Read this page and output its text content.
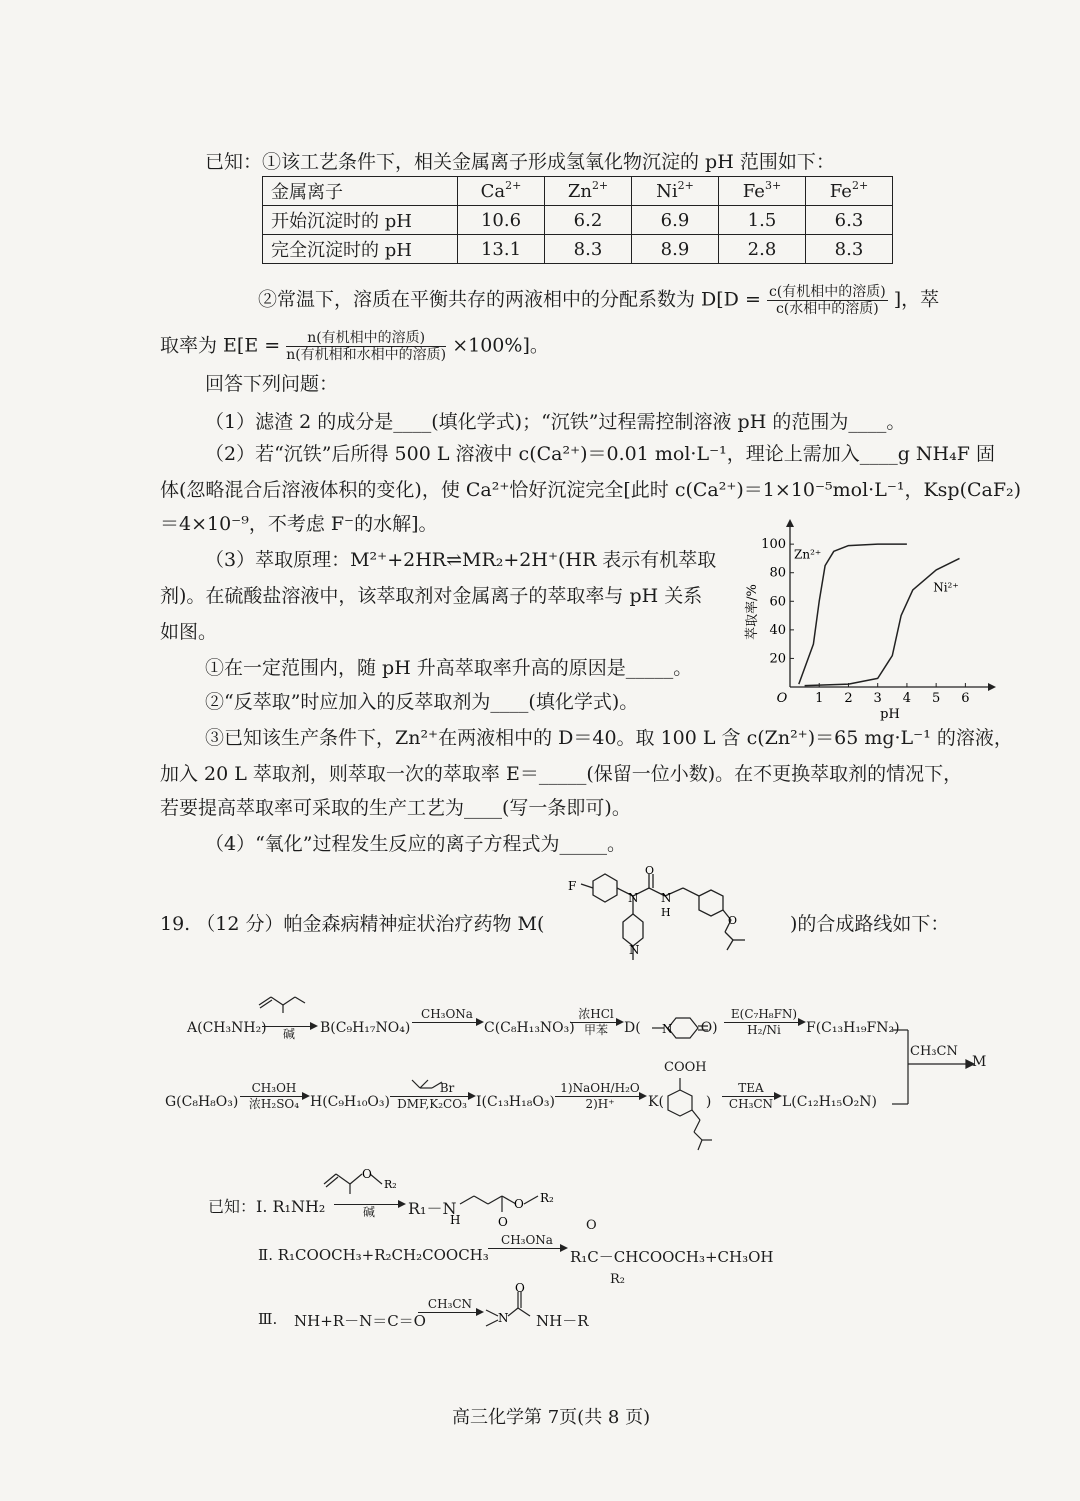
已知：①该工艺条件下，相关金属离子形成氢氧化物沉淀的 pH 范围如下：
金属离子	$Ca^{2+}$	$Zn^{2+}$	$Ni^{2+}$	$Fe^{3+}$	$Fe^{2+}$
开始沉淀时的 pH	10.6	6.2	6.9	1.5	6.3
完全沉淀时的 pH	13.1	8.3	8.9	2.8	8.3
②常温下，溶质在平衡共存的两液相中的分配系数为 $D[D = \frac{\text{c(有机相中的溶质)}}{\text{c(水相中的溶质)}}$ ]，萃
取率为 $E[E = \frac{\text{n(有机相中的溶质)}}{\text{n(有机相和水相中的溶质)}} \times 100\%]$。
回答下列问题：
（1）滤渣 2 的成分是____(填化学式)；“沉铁”过程需控制溶液 pH 的范围为____。
（2）若“沉铁”后所得 500 L 溶液中 c(Ca²⁺)＝0.01 mol·L⁻¹，理论上需加入____g NH₄F 固
体(忽略混合后溶液体积的变化)，使 Ca²⁺恰好沉淀完全[此时 c(Ca²⁺)＝1×10⁻⁵mol·L⁻¹，Ksp(CaF₂)
＝4×10⁻⁹，不考虑 F⁻的水解]。
（3）萃取原理：M²⁺+2HR⇌MR₂+2H⁺(HR 表示有机萃取
剂)。在硫酸盐溶液中，该萃取剂对金属离子的萃取率与 pH 关系
如图。
①在一定范围内，随 pH 升高萃取率升高的原因是_____。
②“反萃取”时应加入的反萃取剂为____(填化学式)。
③已知该生产条件下，Zn²⁺在两液相中的 D＝40。取 100 L 含 c(Zn²⁺)＝65 mg·L⁻¹ 的溶液，
加入 20 L 萃取剂，则萃取一次的萃取率 E＝_____(保留一位小数)。在不更换萃取剂的情况下，
若要提高萃取率可采取的生产工艺为____(写一条即可)。
（4）“氧化”过程发生反应的离子方程式为_____。
O 1 2 3 4 5 6
20
40
60
80
100
pH
萃取率/%
Zn²⁺
Ni²⁺
19. （12 分）帕金森病精神症状治疗药物 M(
F
N
O
N
H
O
N
)的合成路线如下：
A(CH₃NH₂)
	碱	B(C₉H₁₇NO₄)
CH₃ONa

C(C₈H₁₃NO₃)
浓HCl
甲苯	D(	O)
N
E(C₇H₈FN)
H₂/Ni	F(C₁₃H₁₉FN₂)
CH₃CN
M
G(C₈H₈O₃)
CH₃OH
浓H₂SO₄ H(C₉H₁₀O₃)
Br
DMF,K₂CO₃ I(C₁₃H₁₈O₃)
1)NaOH/H₂O
2)H⁺	K(	)
COOH
TEA
CH₃CN L(C₁₂H₁₅O₂N)
已知：Ⅰ. R₁NH₂
O
R₂

碱	R₁－N
H	O
O R₂
Ⅱ. R₁COOCH₃+R₂CH₂COOCH₃
CH₃ONa

R₁C－CHCOOCH₃+CH₃OH
O
R₂
Ⅲ. NH+R－N＝C＝O
CH₃CN

N
O
NH－R
高三化学第 7页(共 8 页)
